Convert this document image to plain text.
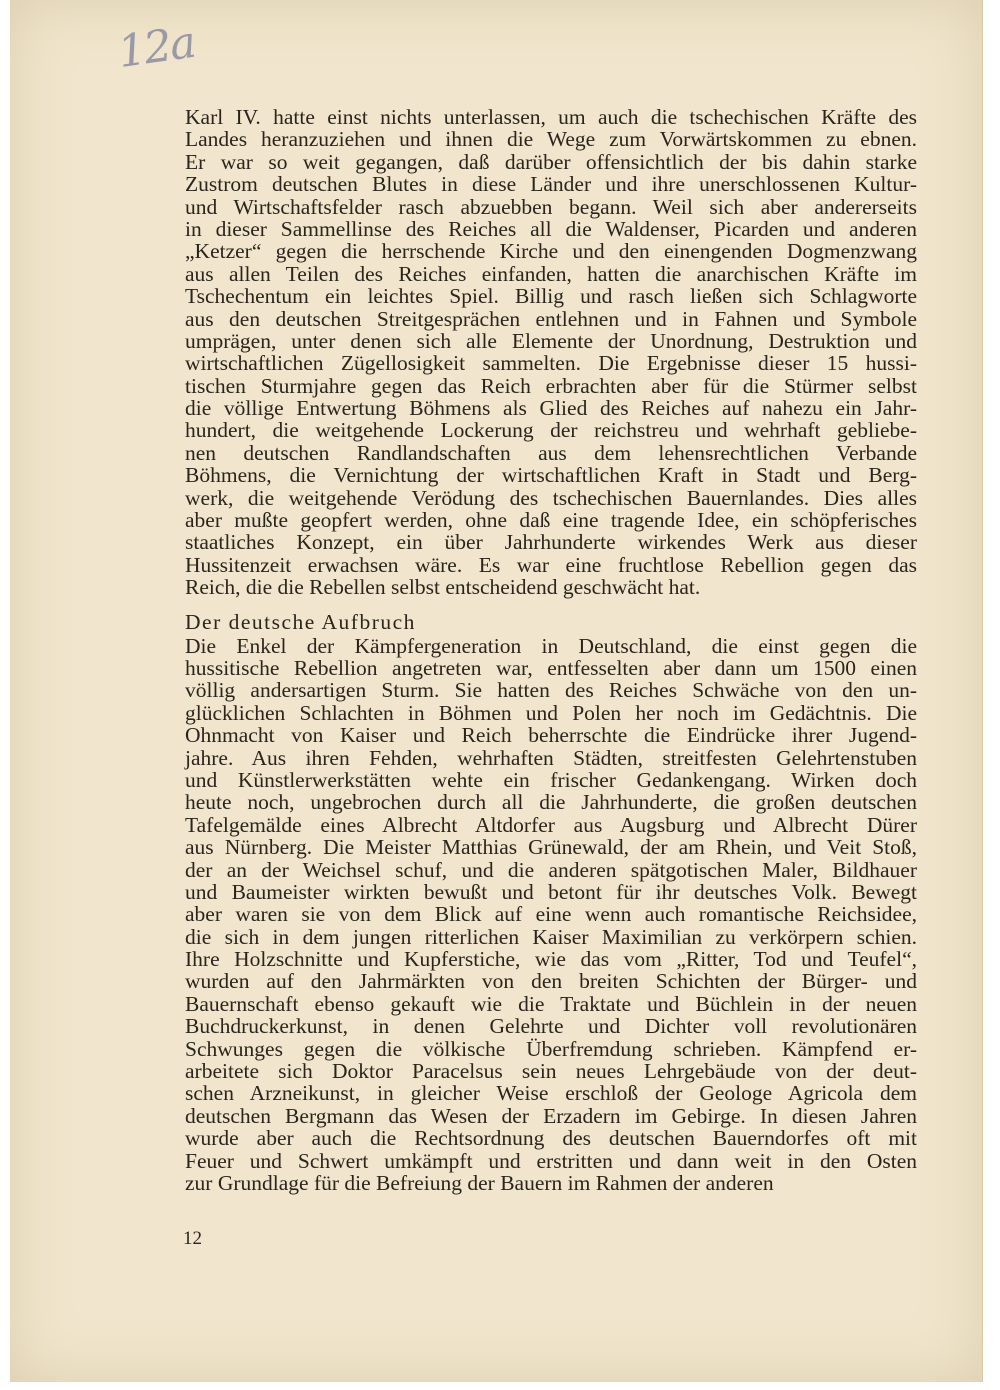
12a
Karl IV. hatte einst nichts unterlassen, um auch die tschechischen Kräfte des
Landes heranzuziehen und ihnen die Wege zum Vorwärtskommen zu ebnen.
Er war so weit gegangen, daß darüber offensichtlich der bis dahin starke
Zustrom deutschen Blutes in diese Länder und ihre unerschlossenen Kultur-
und Wirtschaftsfelder rasch abzuebben begann. Weil sich aber andererseits
in dieser Sammellinse des Reiches all die Waldenser, Picarden und anderen
„Ketzer“ gegen die herrschende Kirche und den einengenden Dogmenzwang
aus allen Teilen des Reiches einfanden, hatten die anarchischen Kräfte im
Tschechentum ein leichtes Spiel. Billig und rasch ließen sich Schlagworte
aus den deutschen Streitgesprächen entlehnen und in Fahnen und Symbole
umprägen, unter denen sich alle Elemente der Unordnung, Destruktion und
wirtschaftlichen Zügellosigkeit sammelten. Die Ergebnisse dieser 15 hussi-
tischen Sturmjahre gegen das Reich erbrachten aber für die Stürmer selbst
die völlige Entwertung Böhmens als Glied des Reiches auf nahezu ein Jahr-
hundert, die weitgehende Lockerung der reichstreu und wehrhaft gebliebe-
nen deutschen Randlandschaften aus dem lehensrechtlichen Verbande
Böhmens, die Vernichtung der wirtschaftlichen Kraft in Stadt und Berg-
werk, die weitgehende Verödung des tschechischen Bauernlandes. Dies alles
aber mußte geopfert werden, ohne daß eine tragende Idee, ein schöpferisches
staatliches Konzept, ein über Jahrhunderte wirkendes Werk aus dieser
Hussitenzeit erwachsen wäre. Es war eine fruchtlose Rebellion gegen das
Reich, die die Rebellen selbst entscheidend geschwächt hat.
Der deutsche Aufbruch
Die Enkel der Kämpfergeneration in Deutschland, die einst gegen die
hussitische Rebellion angetreten war, entfesselten aber dann um 1500 einen
völlig andersartigen Sturm. Sie hatten des Reiches Schwäche von den un-
glücklichen Schlachten in Böhmen und Polen her noch im Gedächtnis. Die
Ohnmacht von Kaiser und Reich beherrschte die Eindrücke ihrer Jugend-
jahre. Aus ihren Fehden, wehrhaften Städten, streitfesten Gelehrtenstuben
und Künstlerwerkstätten wehte ein frischer Gedankengang. Wirken doch
heute noch, ungebrochen durch all die Jahrhunderte, die großen deutschen
Tafelgemälde eines Albrecht Altdorfer aus Augsburg und Albrecht Dürer
aus Nürnberg. Die Meister Matthias Grünewald, der am Rhein, und Veit Stoß,
der an der Weichsel schuf, und die anderen spätgotischen Maler, Bildhauer
und Baumeister wirkten bewußt und betont für ihr deutsches Volk. Bewegt
aber waren sie von dem Blick auf eine wenn auch romantische Reichsidee,
die sich in dem jungen ritterlichen Kaiser Maximilian zu verkörpern schien.
Ihre Holzschnitte und Kupferstiche, wie das vom „Ritter, Tod und Teufel“,
wurden auf den Jahrmärkten von den breiten Schichten der Bürger- und
Bauernschaft ebenso gekauft wie die Traktate und Büchlein in der neuen
Buchdruckerkunst, in denen Gelehrte und Dichter voll revolutionären
Schwunges gegen die völkische Überfremdung schrieben. Kämpfend er-
arbeitete sich Doktor Paracelsus sein neues Lehrgebäude von der deut-
schen Arzneikunst, in gleicher Weise erschloß der Geologe Agricola dem
deutschen Bergmann das Wesen der Erzadern im Gebirge. In diesen Jahren
wurde aber auch die Rechtsordnung des deutschen Bauerndorfes oft mit
Feuer und Schwert umkämpft und erstritten und dann weit in den Osten
zur Grundlage für die Befreiung der Bauern im Rahmen der anderen
12
